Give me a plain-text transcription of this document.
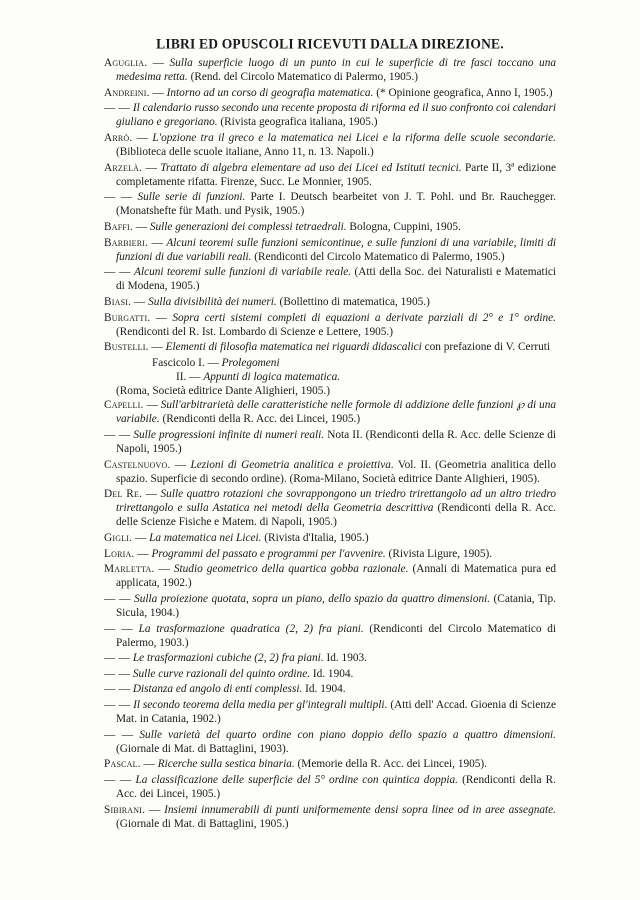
LIBRI ED OPUSCOLI RICEVUTI DALLA DIREZIONE.

Aguglia. — Sulla superficie luogo di un punto in cui le superficie di tre fasci toccano una medesima retta. (Rend. del Circolo Matematico di Palermo, 1905.)

Andreini. — Intorno ad un corso di geografia matematica. (* Opinione geografica, Anno I, 1905.)

— — Il calendario russo secondo una recente proposta di riforma ed il suo confronto coi calendari giuliano e gregoriano. (Rivista geografica italiana, 1905.)

Arrò. — L'opzione tra il greco e la matematica nei Licei e la riforma delle scuole secondarie. (Biblioteca delle scuole italiane, Anno 11, n. 13. Napoli.)

Arzelà. — Trattato di algebra elementare ad uso dei Licei ed Istituti tecnici. Parte II, 3ª edizione completamente rifatta. Firenze, Succ. Le Monnier, 1905.

— — Sulle serie di funzioni. Parte I. Deutsch bearbeitet von J. T. Pohl. und Br. Rauchegger. (Monatshefte für Math. und Pysik, 1905.)

Baffi. — Sulle generazioni dei complessi tetraedrali. Bologna, Cuppini, 1905.

Barbieri. — Alcuni teoremi sulle funzioni semicontinue, e sulle funzioni di una variabile, limiti di funzioni di due variabili reali. (Rendiconti del Circolo Matematico di Palermo, 1905.)

— — Alcuni teoremi sulle funzioni di variabile reale. (Atti della Soc. dei Naturalisti e Matematici di Modena, 1905.)

Biasi. — Sulla divisibilità dei numeri. (Bollettino di matematica, 1905.)

Burgatti. — Sopra certi sistemi completi di equazioni a derivate parziali di 2° e 1° ordine. (Rendiconti del R. Ist. Lombardo di Scienze e Lettere, 1905.)

Bustelli. — Elementi di filosofia matematica nei riguardi didascalici con prefazione di V. Cerruti

Fascicolo I. — Prolegomeni
II. — Appunti di logica matematica.
(Roma, Società editrice Dante Alighieri, 1905.)

Capelli. — Sull'arbitrarietà delle caratteristiche nelle formole di addizione delle funzioni ℘ di una variabile. (Rendiconti della R. Acc. dei Lincei, 1905.)

— — Sulle progressioni infinite di numeri reali. Nota II. (Rendiconti della R. Acc. delle Scienze di Napoli, 1905.)

Castelnuovo. — Lezioni di Geometria analitica e proiettiva. Vol. II. (Geometria analitica dello spazio. Superficie di secondo ordine). (Roma-Milano, Società editrice Dante Alighieri, 1905).

Del Re. — Sulle quattro rotazioni che sovrappongono un triedro trirettangolo ad un altro triedro trirettangolo e sulla Astatica nei metodi della Geometria descrittiva (Rendiconti della R. Acc. delle Scienze Fisiche e Matem. di Napoli, 1905.)

Gigli. — La matematica nei Licei. (Rivista d'Italia, 1905.)

Loria. — Programmi del passato e programmi per l'avvenire. (Rivista Ligure, 1905).

Marletta. — Studio geometrico della quartica gobba razionale. (Annali di Matematica pura ed applicata, 1902.)

— — Sulla proiezione quotata, sopra un piano, dello spazio da quattro dimensioni. (Catania, Tip. Sicula, 1904.)

— — La trasformazione quadratica (2, 2) fra piani. (Rendiconti del Circolo Matematico di Palermo, 1903.)

— — Le trasformazioni cubiche (2, 2) fra piani. Id. 1903.

— — Sulle curve razionali del quinto ordine. Id. 1904.

— — Distanza ed angolo di enti complessi. Id. 1904.

— — Il secondo teorema della media per gl'integrali multipli. (Atti dell' Accad. Gioenia di Scienze Mat. in Catania, 1902.)

— — Sulle varietà del quarto ordine con piano doppio dello spazio a quattro dimensioni. (Giornale di Mat. di Battaglini, 1903).

Pascal. — Ricerche sulla sestica binaria. (Memorie della R. Acc. dei Lincei, 1905).

— — La classificazione delle superficie del 5° ordine con quintica doppia. (Rendiconti della R. Acc. dei Lincei, 1905.)

Sibirani. — Insiemi innumerabili di punti uniformemente densi sopra linee od in aree assegnate. (Giornale di Mat. di Battaglini, 1905.)
